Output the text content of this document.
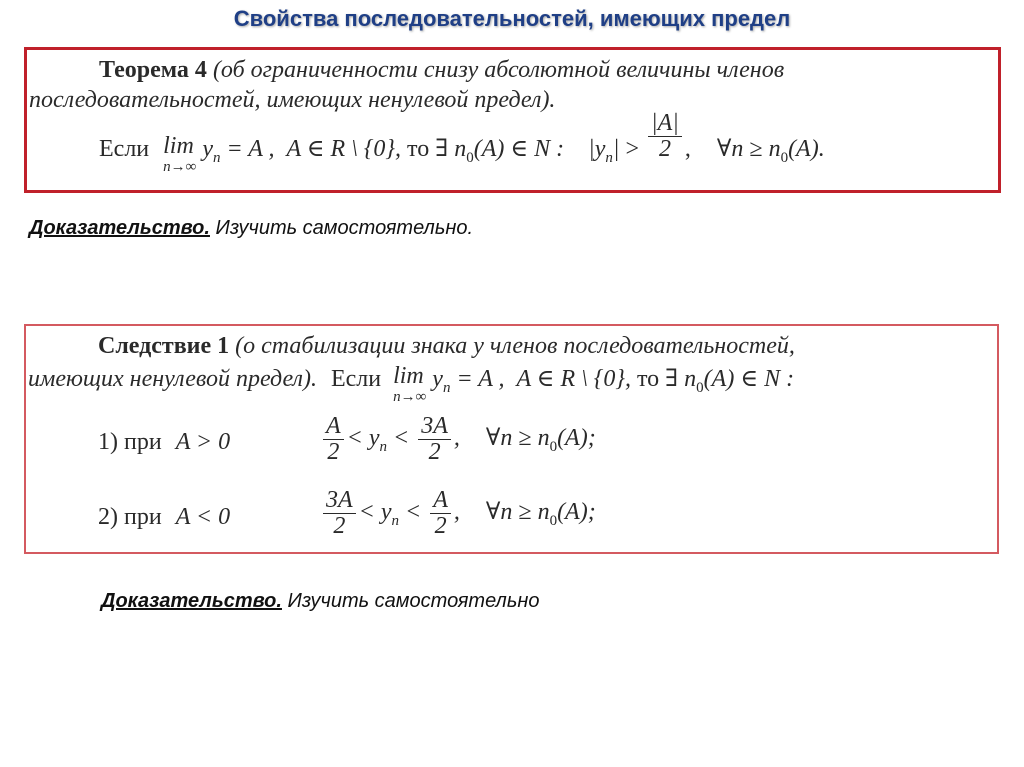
Свойства последовательностей, имеющих предел
Теорема 4 (об ограниченности снизу абсолютной величины членов
последовательностей, имеющих ненулевой предел).
Если lim
n→∞
$y_n = A$ , A ∈ R \ {0}, то ∃ $n_0(A)$ ∈ N : $|y_n| > \frac{|A|}{2}$ , ∀n ≥ $n_0(A)$.
Доказательство. Изучить самостоятельно.
Следствие 1 (о стабилизации знака у членов последовательностей,
имеющих ненулевой предел). Если lim
n→∞
$y_n = A$ , A ∈ R \ {0}, то ∃ $n_0(A)$ ∈ N :
1) при A > 0	$\frac{A}{2} < y_n < \frac{3A}{2}$ , ∀n ≥ $n_0(A)$;
2) при A < 0	$\frac{3A}{2} < y_n < \frac{A}{2}$ , ∀n ≥ $n_0(A)$;
Доказательство. Изучить самостоятельно
